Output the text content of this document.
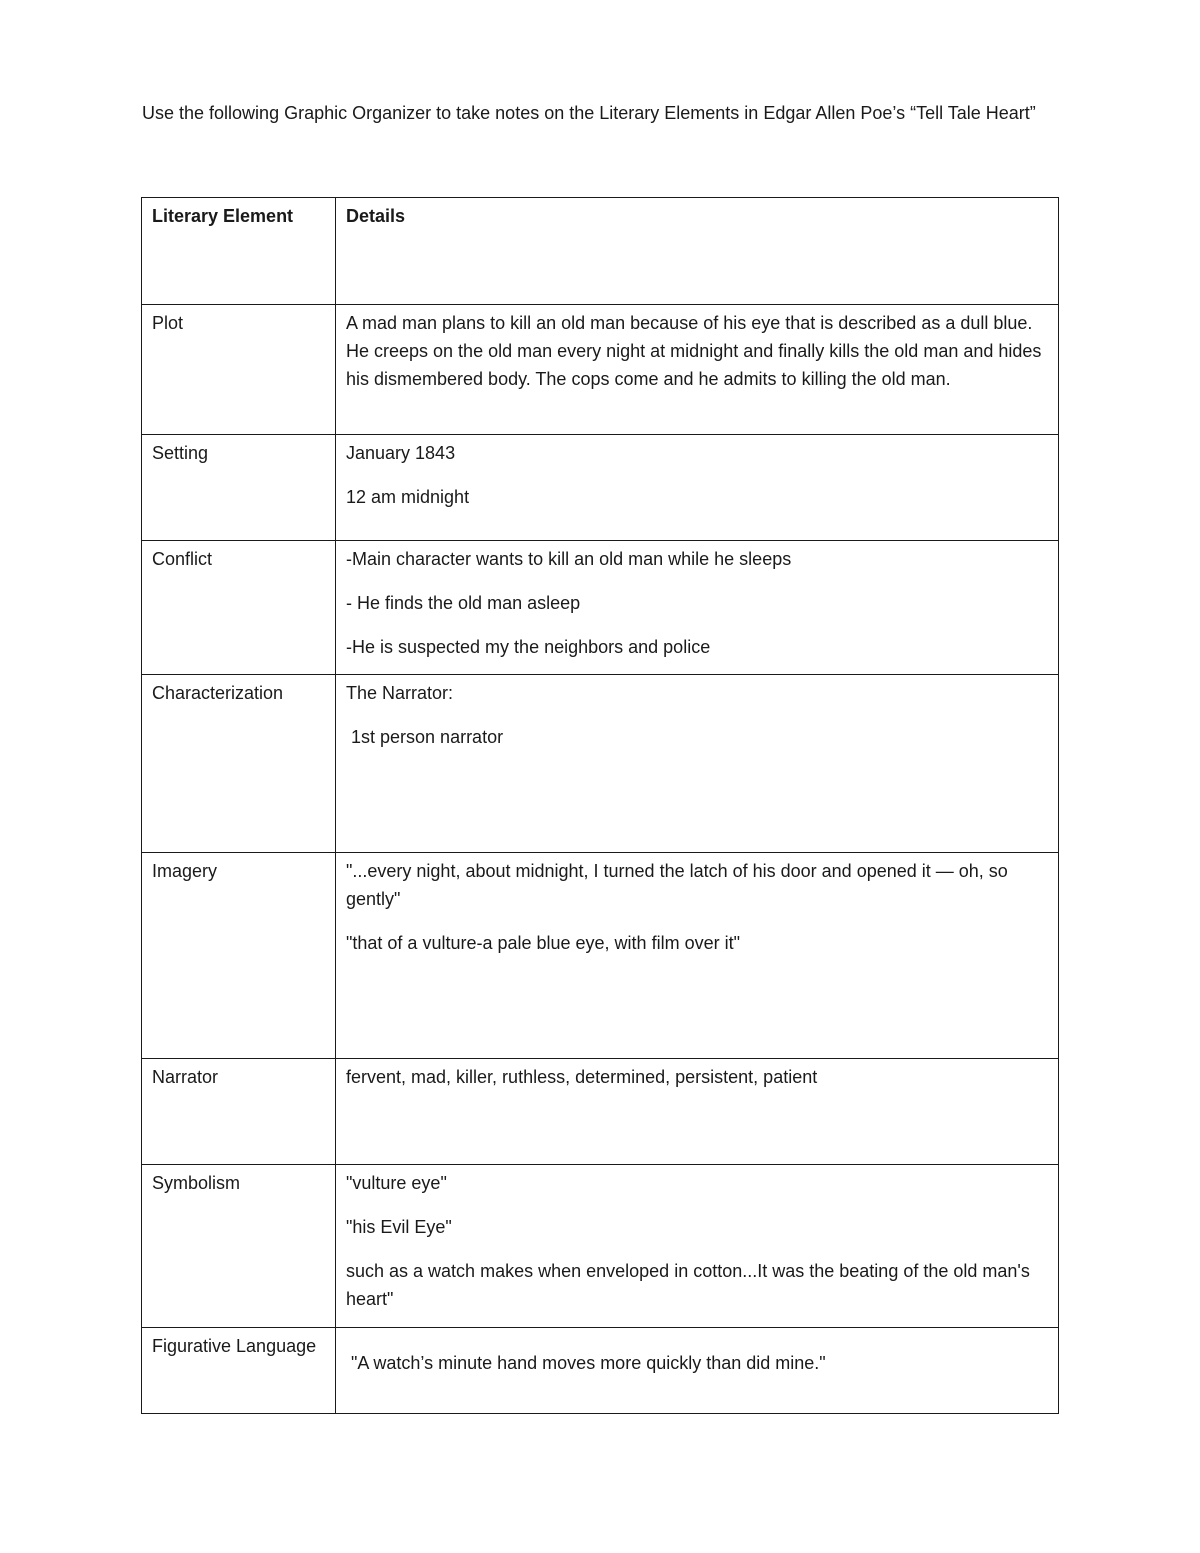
Use the following Graphic Organizer to take notes on the Literary Elements in Edgar Allen Poe’s “Tell Tale Heart”

Literary Element	Details
Plot	A mad man plans to kill an old man because of his eye that is described as a dull blue. He creeps on the old man every night at midnight and finally kills the old man and hides his dismembered body. The cops come and he admits to killing the old man.

Setting	January 1843
12 am midnight

Conflict	-Main character wants to kill an old man while he sleeps
- He finds the old man asleep
-He is suspected my the neighbors and police

Characterization	The Narrator:
1st person narrator

Imagery	"...every night, about midnight, I turned the latch of his door and opened it — oh, so gently"
"that of a vulture-a pale blue eye, with film over it"

Narrator	fervent, mad, killer, ruthless, determined, persistent, patient

Symbolism	"vulture eye"
"his Evil Eye"
such as a watch makes when enveloped in cotton...It was the beating of the old man's heart"

Figurative Language	"A watch’s minute hand moves more quickly than did mine."
